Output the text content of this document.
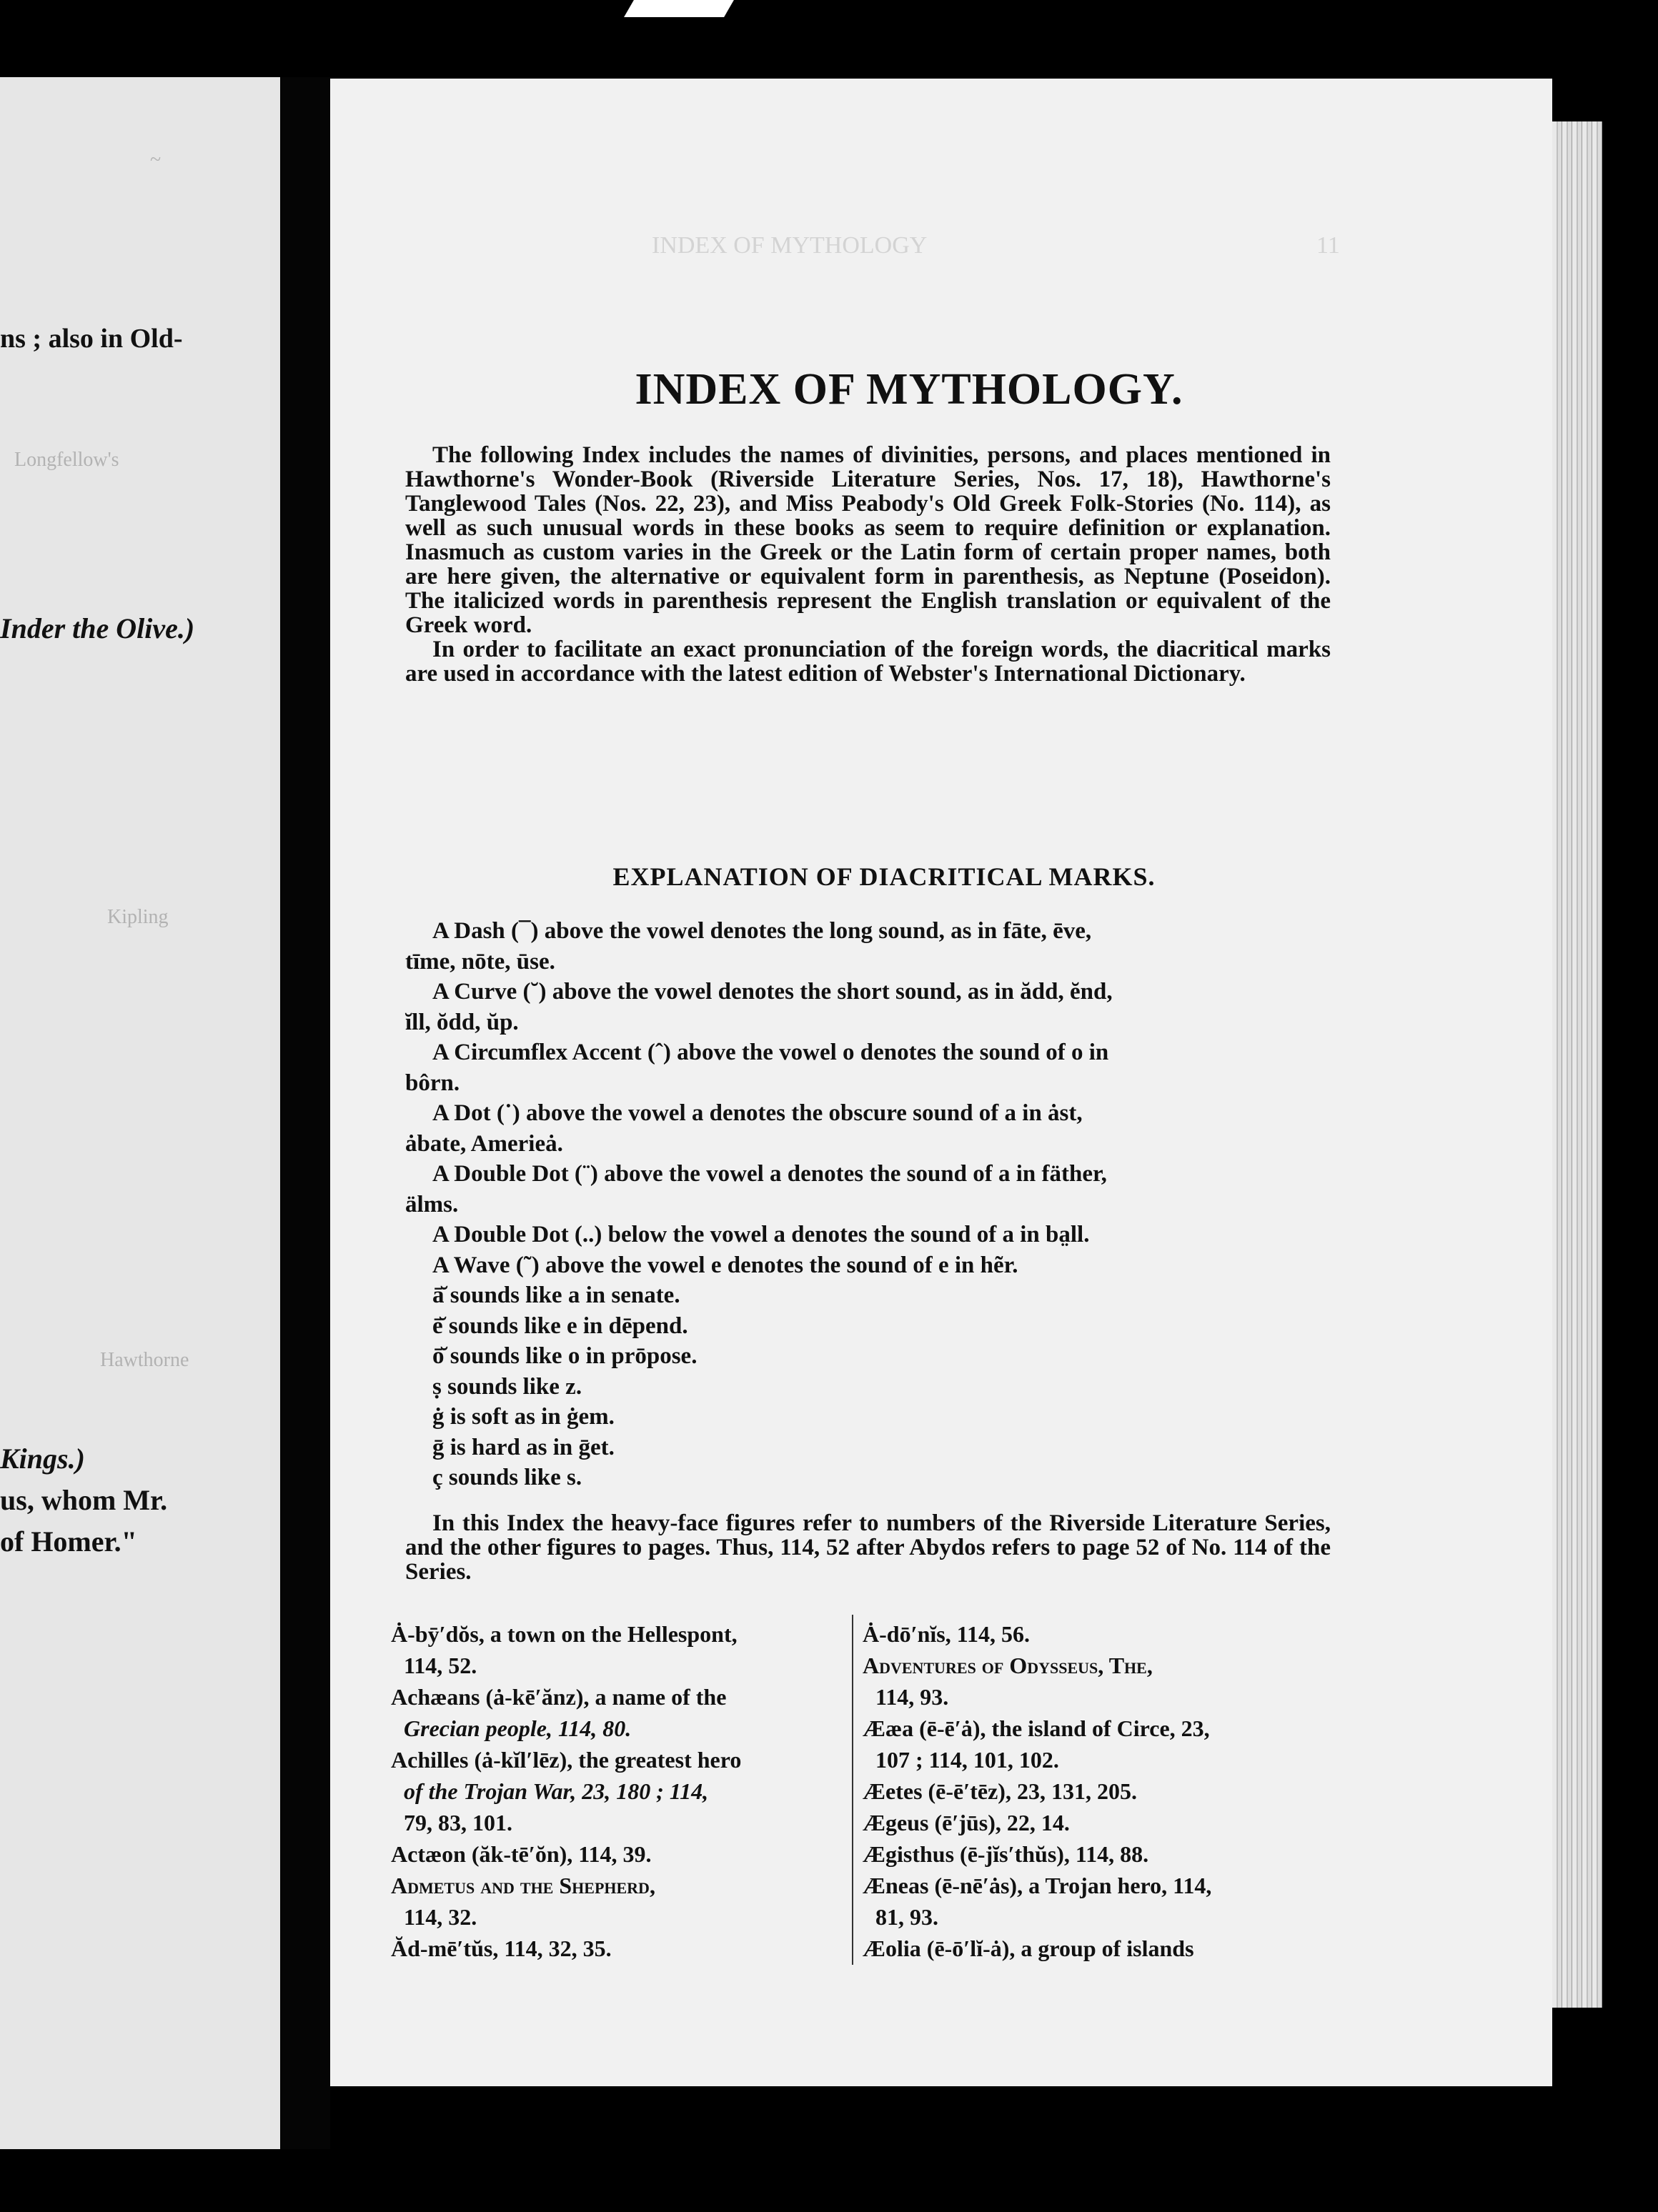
~
ns ; also in Old-
Longfellow's
Inder the Olive.)
Kipling
Hawthorne
Kings.)
us, whom Mr.
of Homer."
INDEX OF MYTHOLOGY	11
INDEX OF MYTHOLOGY.

The following Index includes the names of divinities, persons, and places mentioned in Hawthorne's Wonder-Book (Riverside Literature Series, Nos. 17, 18), Hawthorne's Tanglewood Tales (Nos. 22, 23), and Miss Peabody's Old Greek Folk-Stories (No. 114), as well as such unusual words in these books as seem to require definition or explanation. Inasmuch as custom varies in the Greek or the Latin form of certain proper names, both are here given, the alternative or equivalent form in parenthesis, as Neptune (Poseidon). The italicized words in parenthesis represent the English translation or equivalent of the Greek word.

In order to facilitate an exact pronunciation of the foreign words, the diacritical marks are used in accordance with the latest edition of Webster's International Dictionary.

EXPLANATION OF DIACRITICAL MARKS.
A Dash (¯) above the vowel denotes the long sound, as in fāte, ēve,
tīme, nōte, ūse.
A Curve (˘) above the vowel denotes the short sound, as in ădd, ĕnd,
ĭll, ŏdd, ŭp.
A Circumflex Accent (ˆ) above the vowel o denotes the sound of o in
bôrn.
A Dot (˙) above the vowel a denotes the obscure sound of a in ȧst,
ȧbate, Amerieȧ.
A Double Dot (¨) above the vowel a denotes the sound of a in fäther,
älms.
A Double Dot (..) below the vowel a denotes the sound of a in ba̤ll.
A Wave (˜) above the vowel e denotes the sound of e in hẽr.
ā̆ sounds like a in senate.
ē̆ sounds like e in dēpend.
ō̆ sounds like o in prōpose.
ṣ sounds like z.
ġ is soft as in ġem.
ḡ is hard as in ḡet.
ç sounds like s.

In this Index the heavy-face figures refer to numbers of the Riverside Literature Series, and the other figures to pages. Thus, 114, 52 after Abydos refers to page 52 of No. 114 of the Series.

Ȧ-bȳ′dŏs, a town on the Hellespont,
114, 52.
Achæans (ȧ-kē′ănz), a name of the
Grecian people, 114, 80.
Achilles (ȧ-kĭl′lēz), the greatest hero
of the Trojan War, 23, 180 ; 114,
79, 83, 101.
Actæon (ăk-tē′ŏn), 114, 39.
Admetus and the Shepherd,
114, 32.
Ăd-mē′tŭs, 114, 32, 35.
Ȧ-dō′nĭs, 114, 56.
Adventures of Odysseus, The,
114, 93.
Ææa (ē-ē′ȧ), the island of Circe, 23,
107 ; 114, 101, 102.
Æetes (ē-ē′tēz), 23, 131, 205.
Ægeus (ē′jūs), 22, 14.
Ægisthus (ē-jĭs′thŭs), 114, 88.
Æneas (ē-nē′ȧs), a Trojan hero, 114,
81, 93.
Æolia (ē-ō′lĭ-ȧ), a group of islands
